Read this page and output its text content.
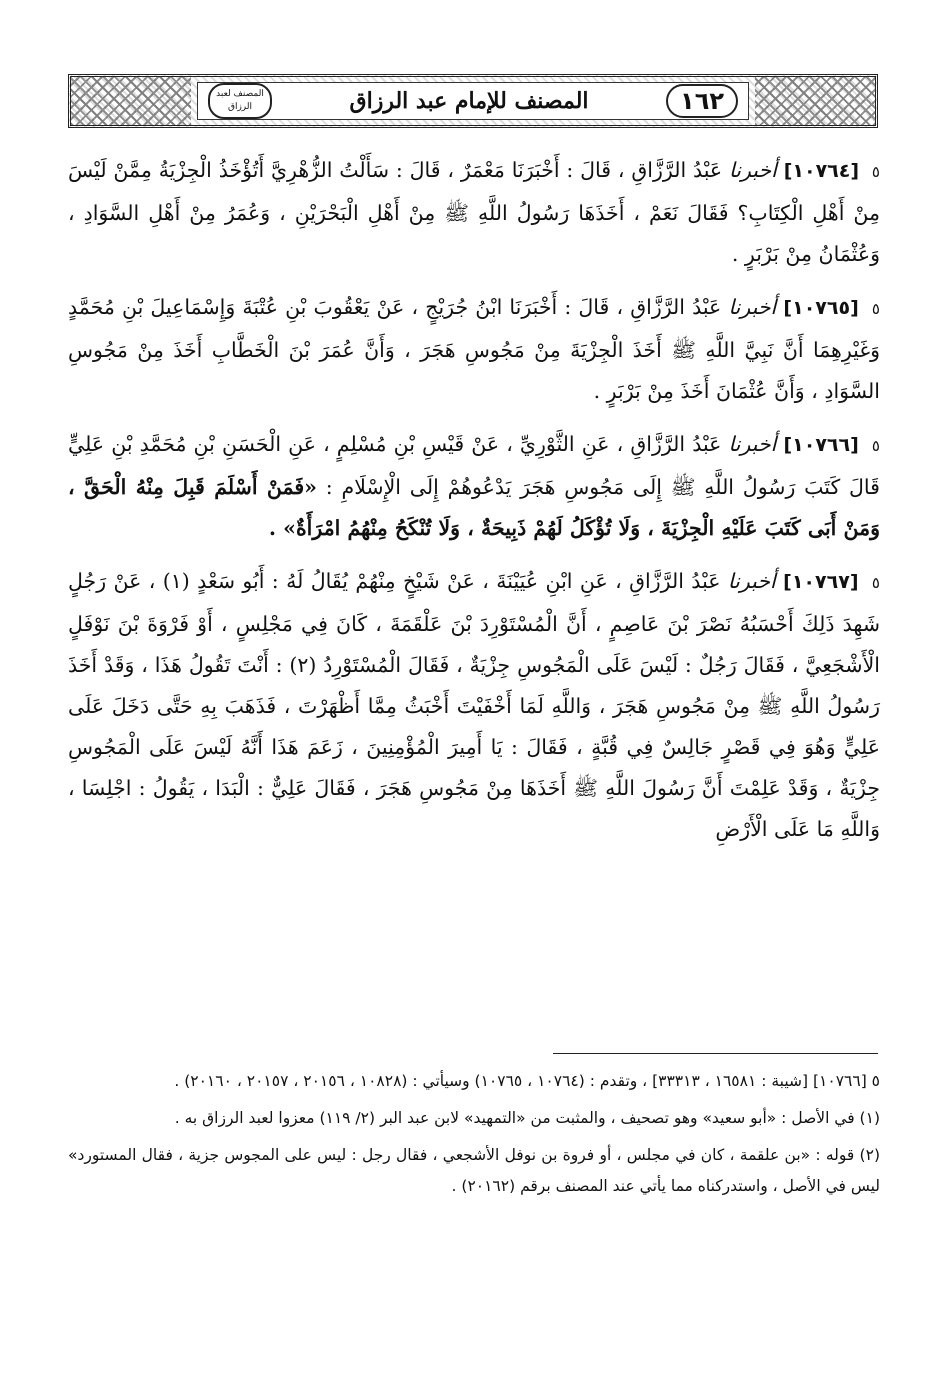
١٦٢
المصنف للإمام عبد الرزاق
المصنف لعبد الرزاق

٥ [١٠٧٦٤] أخبرنا عَبْدُ الرَّزَّاقِ ، قَالَ : أَخْبَرَنَا مَعْمَرٌ ، قَالَ : سَأَلْتُ الزُّهْرِيَّ أَتُؤْخَذُ الْجِزْيَةُ مِمَّنْ لَيْسَ مِنْ أَهْلِ الْكِتَابِ؟ فَقَالَ نَعَمْ ، أَخَذَهَا رَسُولُ اللَّهِ ﷺ مِنْ أَهْلِ الْبَحْرَيْنِ ، وَعُمَرُ مِنْ أَهْلِ السَّوَادِ ، وَعُثْمَانُ مِنْ بَرْبَرٍ .

٥ [١٠٧٦٥] أخبرنا عَبْدُ الرَّزَّاقِ ، قَالَ : أَخْبَرَنَا ابْنُ جُرَيْجٍ ، عَنْ يَعْقُوبَ بْنِ عُتْبَةَ وَإِسْمَاعِيلَ بْنِ مُحَمَّدٍ وَغَيْرِهِمَا أَنَّ نَبِيَّ اللَّهِ ﷺ أَخَذَ الْجِزْيَةَ مِنْ مَجُوسِ هَجَرَ ، وَأَنَّ عُمَرَ بْنَ الْخَطَّابِ أَخَذَ مِنْ مَجُوسِ السَّوَادِ ، وَأَنَّ عُثْمَانَ أَخَذَ مِنْ بَرْبَرٍ .

٥ [١٠٧٦٦] أخبرنا عَبْدُ الرَّزَّاقِ ، عَنِ الثَّوْرِيِّ ، عَنْ قَيْسِ بْنِ مُسْلِمٍ ، عَنِ الْحَسَنِ بْنِ مُحَمَّدِ بْنِ عَلِيٍّ قَالَ كَتَبَ رَسُولُ اللَّهِ ﷺ إِلَى مَجُوسِ هَجَرَ يَدْعُوهُمْ إِلَى الْإِسْلَامِ : «فَمَنْ أَسْلَمَ قَبِلَ مِنْهُ الْحَقَّ ، وَمَنْ أَبَى كَتَبَ عَلَيْهِ الْجِزْيَةَ ، وَلَا تُؤْكَلُ لَهُمْ ذَبِيحَةٌ ، وَلَا تُنْكَحُ مِنْهُمُ امْرَأَةٌ» .

٥ [١٠٧٦٧] أخبرنا عَبْدُ الرَّزَّاقِ ، عَنِ ابْنِ عُيَيْنَةَ ، عَنْ شَيْخٍ مِنْهُمْ يُقَالُ لَهُ : أَبُو سَعْدٍ (١) ، عَنْ رَجُلٍ شَهِدَ ذَلِكَ أَحْسَبُهُ نَصْرَ بْنَ عَاصِمٍ ، أَنَّ الْمُسْتَوْرِدَ بْنَ عَلْقَمَةَ ، كَانَ فِي مَجْلِسٍ ، أَوْ فَرْوَةَ بْنَ نَوْفَلٍ الْأَشْجَعِيَّ ، فَقَالَ رَجُلٌ : لَيْسَ عَلَى الْمَجُوسِ جِزْيَةٌ ، فَقَالَ الْمُسْتَوْرِدُ (٢) : أَنْتَ تَقُولُ هَذَا ، وَقَدْ أَخَذَ رَسُولُ اللَّهِ ﷺ مِنْ مَجُوسِ هَجَرَ ، وَاللَّهِ لَمَا أَخْفَيْتَ أَخْبَثُ مِمَّا أَظْهَرْتَ ، فَذَهَبَ بِهِ حَتَّى دَخَلَ عَلَى عَلِيٍّ وَهُوَ فِي قَصْرٍ جَالِسٌ فِي قُبَّةٍ ، فَقَالَ : يَا أَمِيرَ الْمُؤْمِنِينَ ، زَعَمَ هَذَا أَنَّهُ لَيْسَ عَلَى الْمَجُوسِ جِزْيَةٌ ، وَقَدْ عَلِمْتَ أَنَّ رَسُولَ اللَّهِ ﷺ أَخَذَهَا مِنْ مَجُوسِ هَجَرَ ، فَقَالَ عَلِيٌّ : الْبَدَا ، يَقُولُ : اجْلِسَا ، وَاللَّهِ مَا عَلَى الْأَرْضِ

٥ [١٠٧٦٦] [شيبة : ١٦٥٨١ ، ٣٣٣١٣] ، وتقدم : (١٠٧٦٤ ، ١٠٧٦٥) وسيأتي : (١٠٨٢٨ ، ٢٠١٥٦ ، ٢٠١٥٧ ، ٢٠١٦٠) .

(١) في الأصل : «أبو سعيد» وهو تصحيف ، والمثبت من «التمهيد» لابن عبد البر (٢/ ١١٩) معزوا لعبد الرزاق به .

(٢) قوله : «بن علقمة ، كان في مجلس ، أو فروة بن نوفل الأشجعي ، فقال رجل : ليس على المجوس جزية ، فقال المستورد» ليس في الأصل ، واستدركناه مما يأتي عند المصنف برقم (٢٠١٦٢) .
